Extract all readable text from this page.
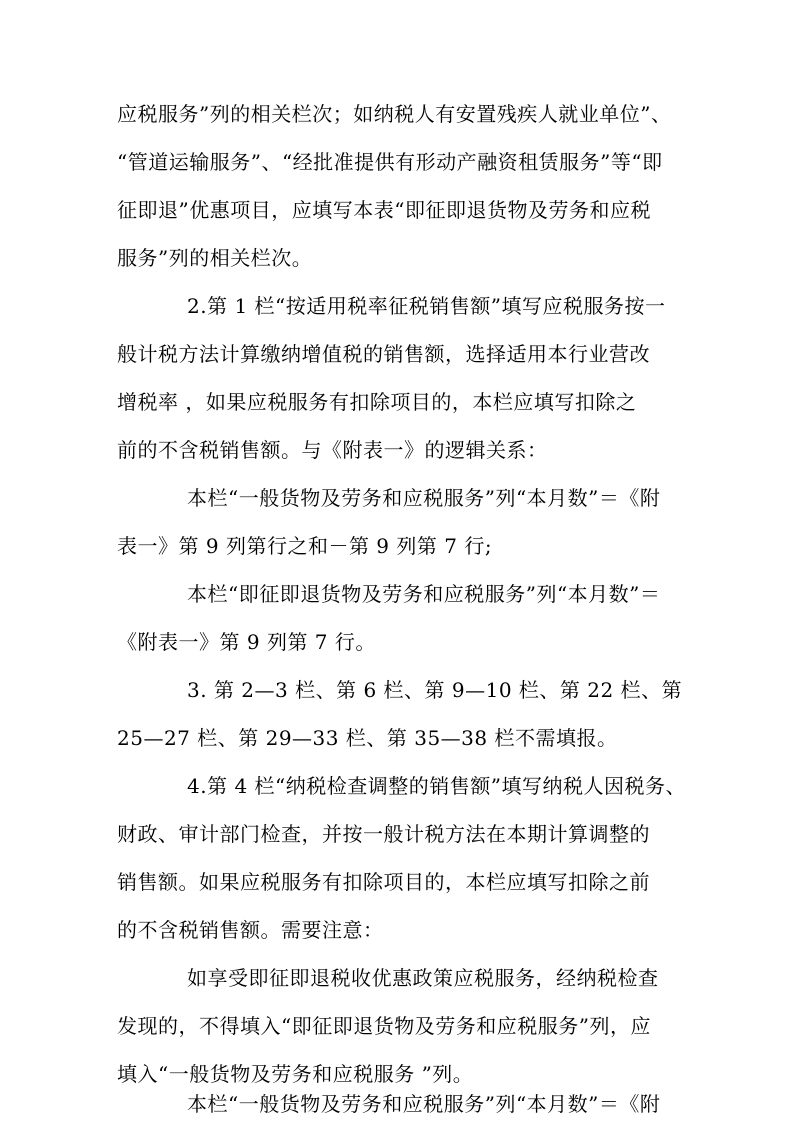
应税服务”列的相关栏次；如纳税人有安置残疾人就业单位”、
“管道运输服务”、“经批准提供有形动产融资租赁服务”等“即
征即退”优惠项目，应填写本表“即征即退货物及劳务和应税
服务”列的相关栏次。
2.第 1 栏“按适用税率征税销售额”填写应税服务按一
般计税方法计算缴纳增值税的销售额，选择适用本行业营改
增税率 ，如果应税服务有扣除项目的，本栏应填写扣除之
前的不含税销售额。与《附表一》的逻辑关系：
本栏“一般货物及劳务和应税服务”列“本月数”＝《附
表一》第 9 列第行之和－第 9 列第 7 行;
本栏“即征即退货物及劳务和应税服务”列“本月数”＝
《附表一》第 9 列第 7 行。
3. 第 2—3 栏、第 6 栏、第 9—10 栏、第 22 栏、第
25—27 栏、第 29—33 栏、第 35—38 栏不需填报。
4.第 4 栏“纳税检查调整的销售额”填写纳税人因税务、
财政、审计部门检查，并按一般计税方法在本期计算调整的
销售额。如果应税服务有扣除项目的，本栏应填写扣除之前
的不含税销售额。需要注意：
如享受即征即退税收优惠政策应税服务，经纳税检查
发现的，不得填入“即征即退货物及劳务和应税服务”列，应
填入“一般货物及劳务和应税服务 ”列。
本栏“一般货物及劳务和应税服务”列“本月数”＝《附
